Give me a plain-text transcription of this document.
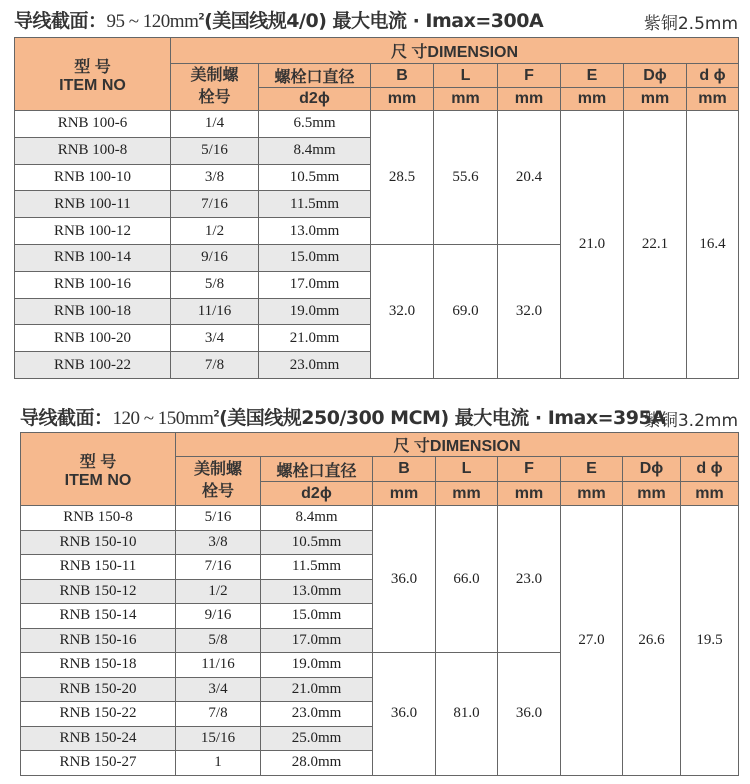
导线截面：95 ~ $120mm^2$(美国线规4/0) 最大电流 · Imax=300A	紫铜2.5mm
型 号
ITEM NO	尺 寸DIMENSION							
	美制螺栓号	螺栓口直径	B	L	F	E	Dϕ	d ϕ
		d2ϕ	mm	mm	mm	mm	mm	mm
RNB 100-6	1/4	6.5mm	28.5	55.6	20.4	21.0	22.1	16.4
RNB 100-8	5/16	8.4mm						
RNB 100-10	3/8	10.5mm						
RNB 100-11	7/16	11.5mm						
RNB 100-12	1/2	13.0mm						
RNB 100-14	9/16	15.0mm	32.0	69.0	32.0			
RNB 100-16	5/8	17.0mm						
RNB 100-18	11/16	19.0mm						
RNB 100-20	3/4	21.0mm						
RNB 100-22	7/8	23.0mm						
导线截面：120 ~ $150mm^2$(美国线规250/300 MCM) 最大电流 · Imax=395A
紫铜3.2mm
型 号
ITEM NO	尺 寸DIMENSION							
	美制螺栓号	螺栓口直径	B	L	F	E	Dϕ	d ϕ
		d2ϕ	mm	mm	mm	mm	mm	mm
RNB 150-8	5/16	8.4mm	36.0	66.0	23.0	27.0	26.6	19.5
RNB 150-10	3/8	10.5mm						
RNB 150-11	7/16	11.5mm						
RNB 150-12	1/2	13.0mm						
RNB 150-14	9/16	15.0mm						
RNB 150-16	5/8	17.0mm						
RNB 150-18	11/16	19.0mm	36.0	81.0	36.0			
RNB 150-20	3/4	21.0mm						
RNB 150-22	7/8	23.0mm						
RNB 150-24	15/16	25.0mm						
RNB 150-27	1	28.0mm						
